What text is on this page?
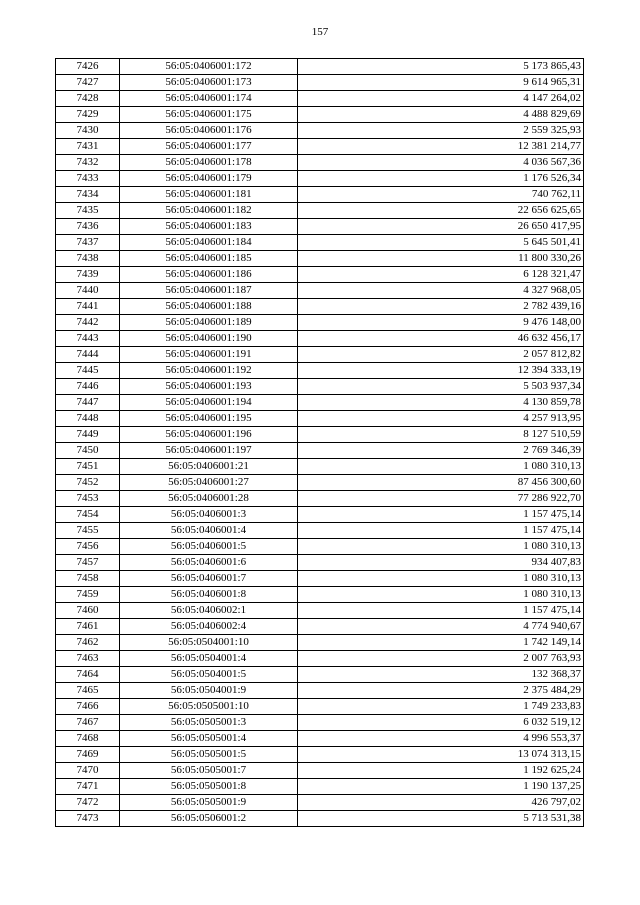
157
7426	56:05:0406001:172	5 173 865,43
7427	56:05:0406001:173	9 614 965,31
7428	56:05:0406001:174	4 147 264,02
7429	56:05:0406001:175	4 488 829,69
7430	56:05:0406001:176	2 559 325,93
7431	56:05:0406001:177	12 381 214,77
7432	56:05:0406001:178	4 036 567,36
7433	56:05:0406001:179	1 176 526,34
7434	56:05:0406001:181	740 762,11
7435	56:05:0406001:182	22 656 625,65
7436	56:05:0406001:183	26 650 417,95
7437	56:05:0406001:184	5 645 501,41
7438	56:05:0406001:185	11 800 330,26
7439	56:05:0406001:186	6 128 321,47
7440	56:05:0406001:187	4 327 968,05
7441	56:05:0406001:188	2 782 439,16
7442	56:05:0406001:189	9 476 148,00
7443	56:05:0406001:190	46 632 456,17
7444	56:05:0406001:191	2 057 812,82
7445	56:05:0406001:192	12 394 333,19
7446	56:05:0406001:193	5 503 937,34
7447	56:05:0406001:194	4 130 859,78
7448	56:05:0406001:195	4 257 913,95
7449	56:05:0406001:196	8 127 510,59
7450	56:05:0406001:197	2 769 346,39
7451	56:05:0406001:21	1 080 310,13
7452	56:05:0406001:27	87 456 300,60
7453	56:05:0406001:28	77 286 922,70
7454	56:05:0406001:3	1 157 475,14
7455	56:05:0406001:4	1 157 475,14
7456	56:05:0406001:5	1 080 310,13
7457	56:05:0406001:6	934 407,83
7458	56:05:0406001:7	1 080 310,13
7459	56:05:0406001:8	1 080 310,13
7460	56:05:0406002:1	1 157 475,14
7461	56:05:0406002:4	4 774 940,67
7462	56:05:0504001:10	1 742 149,14
7463	56:05:0504001:4	2 007 763,93
7464	56:05:0504001:5	132 368,37
7465	56:05:0504001:9	2 375 484,29
7466	56:05:0505001:10	1 749 233,83
7467	56:05:0505001:3	6 032 519,12
7468	56:05:0505001:4	4 996 553,37
7469	56:05:0505001:5	13 074 313,15
7470	56:05:0505001:7	1 192 625,24
7471	56:05:0505001:8	1 190 137,25
7472	56:05:0505001:9	426 797,02
7473	56:05:0506001:2	5 713 531,38
